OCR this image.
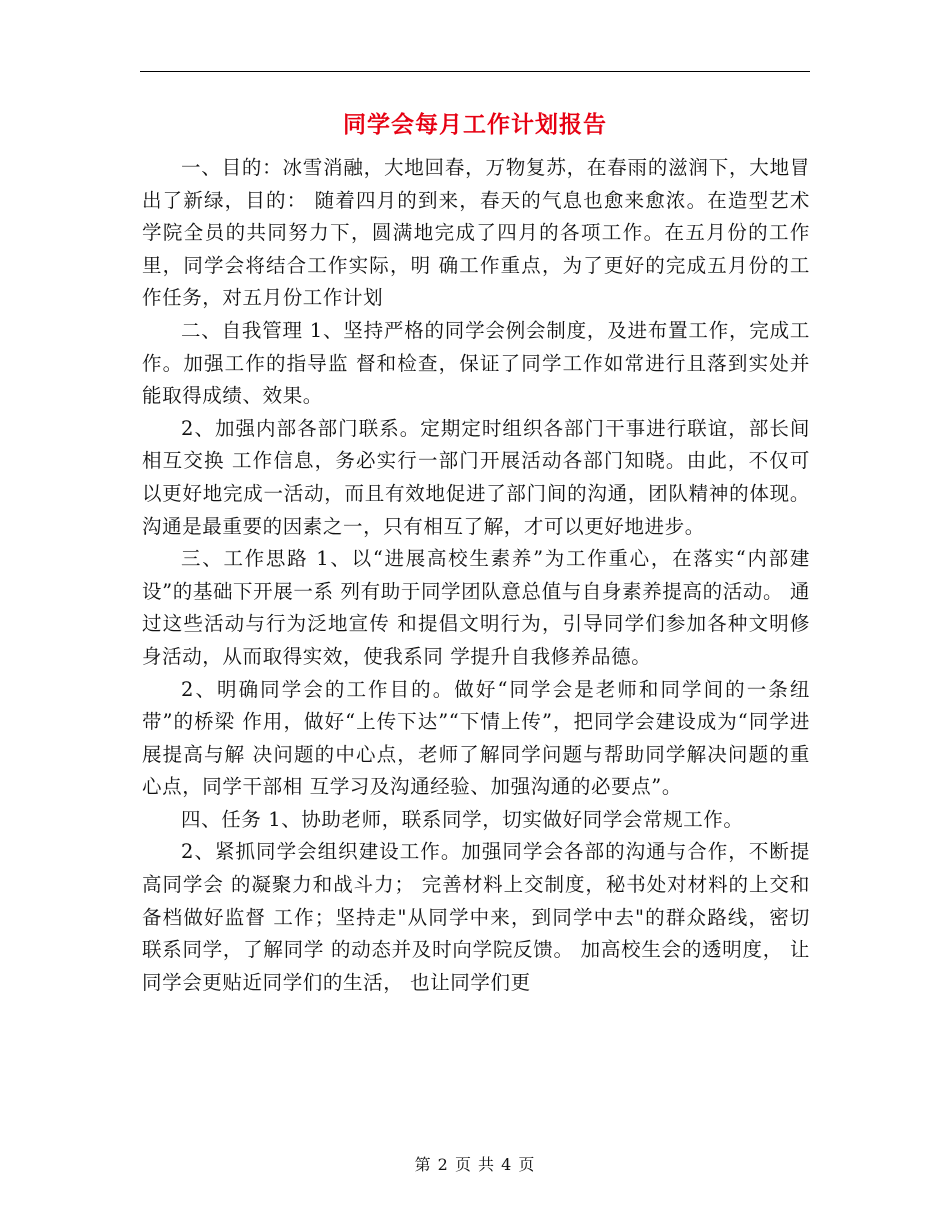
同学会每月工作计划报告

一、目的：冰雪消融，大地回春，万物复苏，在春雨的滋润下，大地冒出了新绿，目的： 随着四月的到来，春天的气息也愈来愈浓。在造型艺术学院全员的共同努力下，圆满地完成了四月的各项工作。在五月份的工作里，同学会将结合工作实际，明 确工作重点，为了更好的完成五月份的工作任务，对五月份工作计划

二、自我管理 1、坚持严格的同学会例会制度，及进布置工作，完成工作。加强工作的指导监 督和检查，保证了同学工作如常进行且落到实处并能取得成绩、效果。

2、加强内部各部门联系。定期定时组织各部门干事进行联谊，部长间相互交换 工作信息，务必实行一部门开展活动各部门知晓。由此，不仅可以更好地完成一活动，而且有效地促进了部门间的沟通，团队精神的体现。沟通是最重要的因素之一，只有相互了解，才可以更好地进步。

三、工作思路 1、以“进展高校生素养”为工作重心，在落实“内部建设”的基础下开展一系 列有助于同学团队意总值与自身素养提高的活动。 通过这些活动与行为泛地宣传 和提倡文明行为，引导同学们参加各种文明修身活动，从而取得实效，使我系同 学提升自我修养品德。

2、明确同学会的工作目的。做好“同学会是老师和同学间的一条纽带”的桥梁 作用，做好“上传下达”“下情上传”，把同学会建设成为“同学进展提高与解 决问题的中心点，老师了解同学问题与帮助同学解决问题的重心点，同学干部相 互学习及沟通经验、加强沟通的必要点”。

四、任务 1、协助老师，联系同学，切实做好同学会常规工作。

2、紧抓同学会组织建设工作。加强同学会各部的沟通与合作，不断提高同学会 的凝聚力和战斗力； 完善材料上交制度，秘书处对材料的上交和备档做好监督 工作；坚持走"从同学中来，到同学中去"的群众路线，密切联系同学，了解同学 的动态并及时向学院反馈。 加高校生会的透明度， 让同学会更贴近同学们的生活， 也让同学们更

第 2 页 共 4 页
